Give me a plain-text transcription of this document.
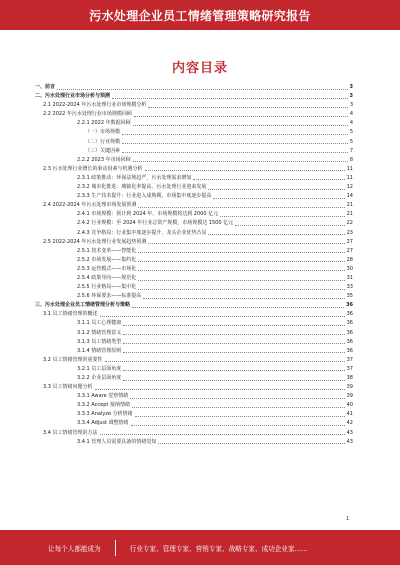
污水处理企业员工情绪管理策略研究报告
内容目录
一、前言	3
二、污水处理行业市场分析与预测	3
2.1 2022-2024 年污水处理行业市场规模分析	3
2.2 2022 年污水处理行业市场规模回顾	4
2.2.1 2022 年数据回顾	4
（一）市场规模	5
（二）行业规模	5
（三）关键因素	7
2.2.2 2023 年市场回顾	8
2.3 污水处理行业增长的驱动因素与机遇分析	11
2.3.1 政策推动：环保法规趋严，污水处理需求增加	11
2.3.2 城市化推进：城镇化率提高，污水处理行业迎来发展	12
2.3.3 生产技术提升：行业进入成熟期，市场集中度逐步提高	14
2.4 2022-2024 年污水处理市场发展预测	21
2.4.1 市场规模：预计到 2024 年，市场规模将达到 2000 亿元	21
2.4.2 行业规模：至 2024 年行业总资产规模，市场规模达 1500 亿元	22
2.4.3 竞争格局：行业集中度逐步提升，龙头企业优势凸显	23
2.5 2022-2024 年污水处理行业发展趋势预测	27
2.5.1 技术变革——智能化	27
2.5.2 市场发展——集约化	28
2.5.3 运营模式——市场化	30
2.5.4 政策导向——规范化	31
2.5.5 行业格局——集中化	33
2.5.6 环保要求——标准提高	35
三、污水处理企业员工情绪管理分析与策略	36
3.1 员工情绪管理的概述	36
3.1.1 员工心理健康	36
3.1.2 情绪管理意义	36
3.1.3 员工情绪类型	36
3.1.4 情绪管理原则	36
3.2 员工情绪管理的重要性	37
3.2.1 员工层面角度	37
3.2.2 企业层面角度	38
3.3 员工情绪问题分析	39
3.3.1 Aware 觉察情绪	39
3.3.2 Accept 接纳情绪	40
3.3.3 Analyze 分析情绪	41
3.3.4 Adjust 调整情绪	42
3.4 员工情绪管理的方法	43
3.4.1 管理人员需要具备的情绪觉知	43
1
让每个人都能成为	行业专家、管理专家、营销专家、战略专家、成功企业家……
